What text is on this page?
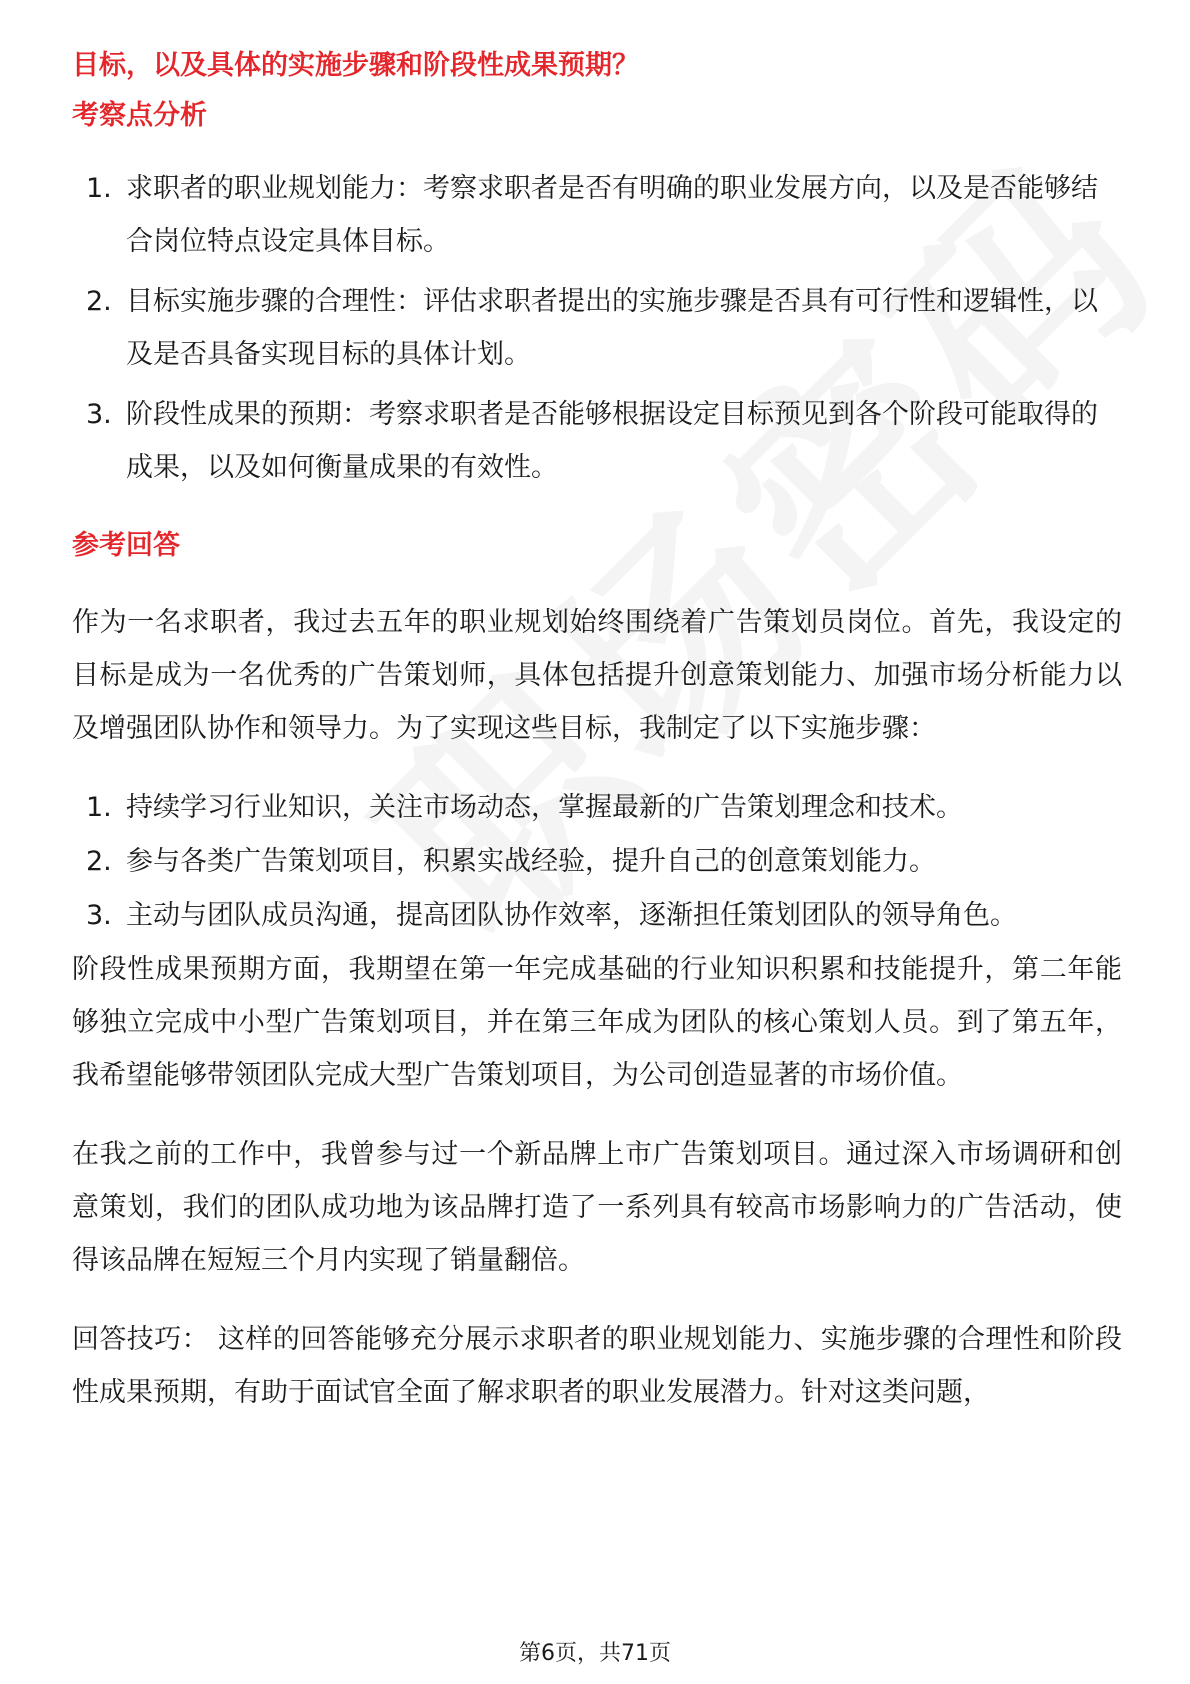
目标，以及具体的实施步骤和阶段性成果预期？
考察点分析
1. 求职者的职业规划能力：考察求职者是否有明确的职业发展方向，以及是否能够结合岗位特点设定具体目标。
2. 目标实施步骤的合理性：评估求职者提出的实施步骤是否具有可行性和逻辑性，以及是否具备实现目标的具体计划。
3. 阶段性成果的预期：考察求职者是否能够根据设定目标预见到各个阶段可能取得的成果，以及如何衡量成果的有效性。
参考回答

作为一名求职者，我过去五年的职业规划始终围绕着广告策划员岗位。首先，我设定的目标是成为一名优秀的广告策划师，具体包括提升创意策划能力、加强市场分析能力以及增强团队协作和领导力。为了实现这些目标，我制定了以下实施步骤：

1. 持续学习行业知识，关注市场动态，掌握最新的广告策划理念和技术。
2. 参与各类广告策划项目，积累实战经验，提升自己的创意策划能力。
3. 主动与团队成员沟通，提高团队协作效率，逐渐担任策划团队的领导角色。

阶段性成果预期方面，我期望在第一年完成基础的行业知识积累和技能提升，第二年能够独立完成中小型广告策划项目，并在第三年成为团队的核心策划人员。到了第五年，我希望能够带领团队完成大型广告策划项目，为公司创造显著的市场价值。

在我之前的工作中，我曾参与过一个新品牌上市广告策划项目。通过深入市场调研和创意策划，我们的团队成功地为该品牌打造了一系列具有较高市场影响力的广告活动，使得该品牌在短短三个月内实现了销量翻倍。

回答技巧： 这样的回答能够充分展示求职者的职业规划能力、实施步骤的合理性和阶段性成果预期，有助于面试官全面了解求职者的职业发展潜力。针对这类问题，

第6页，共71页
